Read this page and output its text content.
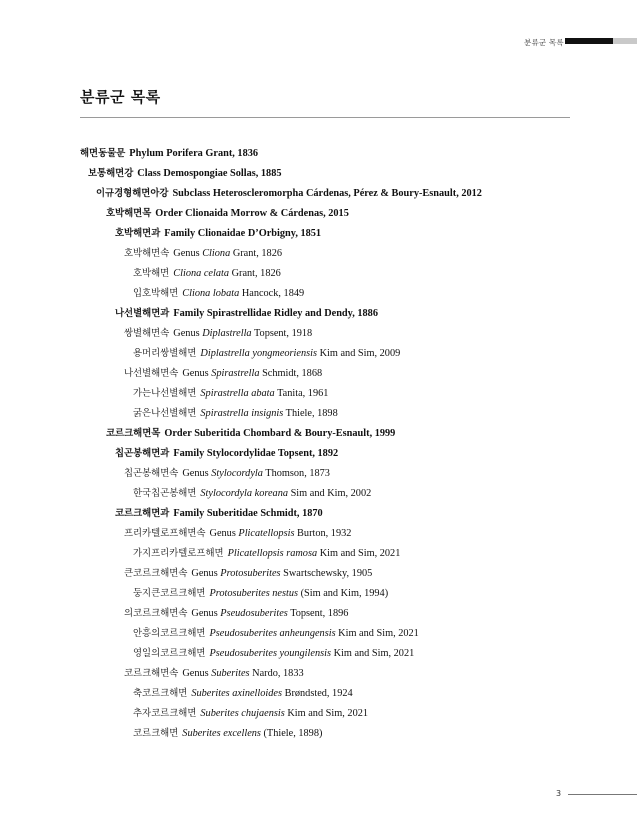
분류군 목록
분류군 목록
해면동물문 Phylum Porifera Grant, 1836
보통해면강 Class Demospongiae Sollas, 1885
이규경형해면아강 Subclass Heteroscleromorpha Cárdenas, Pérez & Boury-Esnault, 2012
호박해면목 Order Clionaida Morrow & Cárdenas, 2015
호박해면과 Family Clionaidae D’Orbigny, 1851
호박해면속 Genus Cliona Grant, 1826
호박해면 Cliona celata Grant, 1826
입호박해면 Cliona lobata Hancock, 1849
나선별해면과 Family Spirastrellidae Ridley and Dendy, 1886
쌍별해면속 Genus Diplastrella Topsent, 1918
용머리쌍별해면 Diplastrella yongmeoriensis Kim and Sim, 2009
나선별해면속 Genus Spirastrella Schmidt, 1868
가는나선별해면 Spirastrella abata Tanita, 1961
굵은나선별해면 Spirastrella insignis Thiele, 1898
코르크해면목 Order Suberitida Chombard & Boury-Esnault, 1999
칩곤봉해면과 Family Stylocordylidae Topsent, 1892
칩곤봉해면속 Genus Stylocordyla Thomson, 1873
한국칩곤봉해면 Stylocordyla koreana Sim and Kim, 2002
코르크해면과 Family Suberitidae Schmidt, 1870
프리카텔로프해면속 Genus Plicatellopsis Burton, 1932
가지프리카텔로프해면 Plicatellopsis ramosa Kim and Sim, 2021
큰코르크해면속 Genus Protosuberites Swartschewsky, 1905
둥지큰코르크해면 Protosuberites nestus (Sim and Kim, 1994)
의코르크해면속 Genus Pseudosuberites Topsent, 1896
안흥의코르크해면 Pseudosuberites anheungensis Kim and Sim, 2021
영일의코르크해면 Pseudosuberites youngilensis Kim and Sim, 2021
코르크해면속 Genus Suberites Nardo, 1833
축코르크해면 Suberites axinelloides Brøndsted, 1924
추자코르크해면 Suberites chujaensis Kim and Sim, 2021
코르크해면 Suberites excellens (Thiele, 1898)
3
